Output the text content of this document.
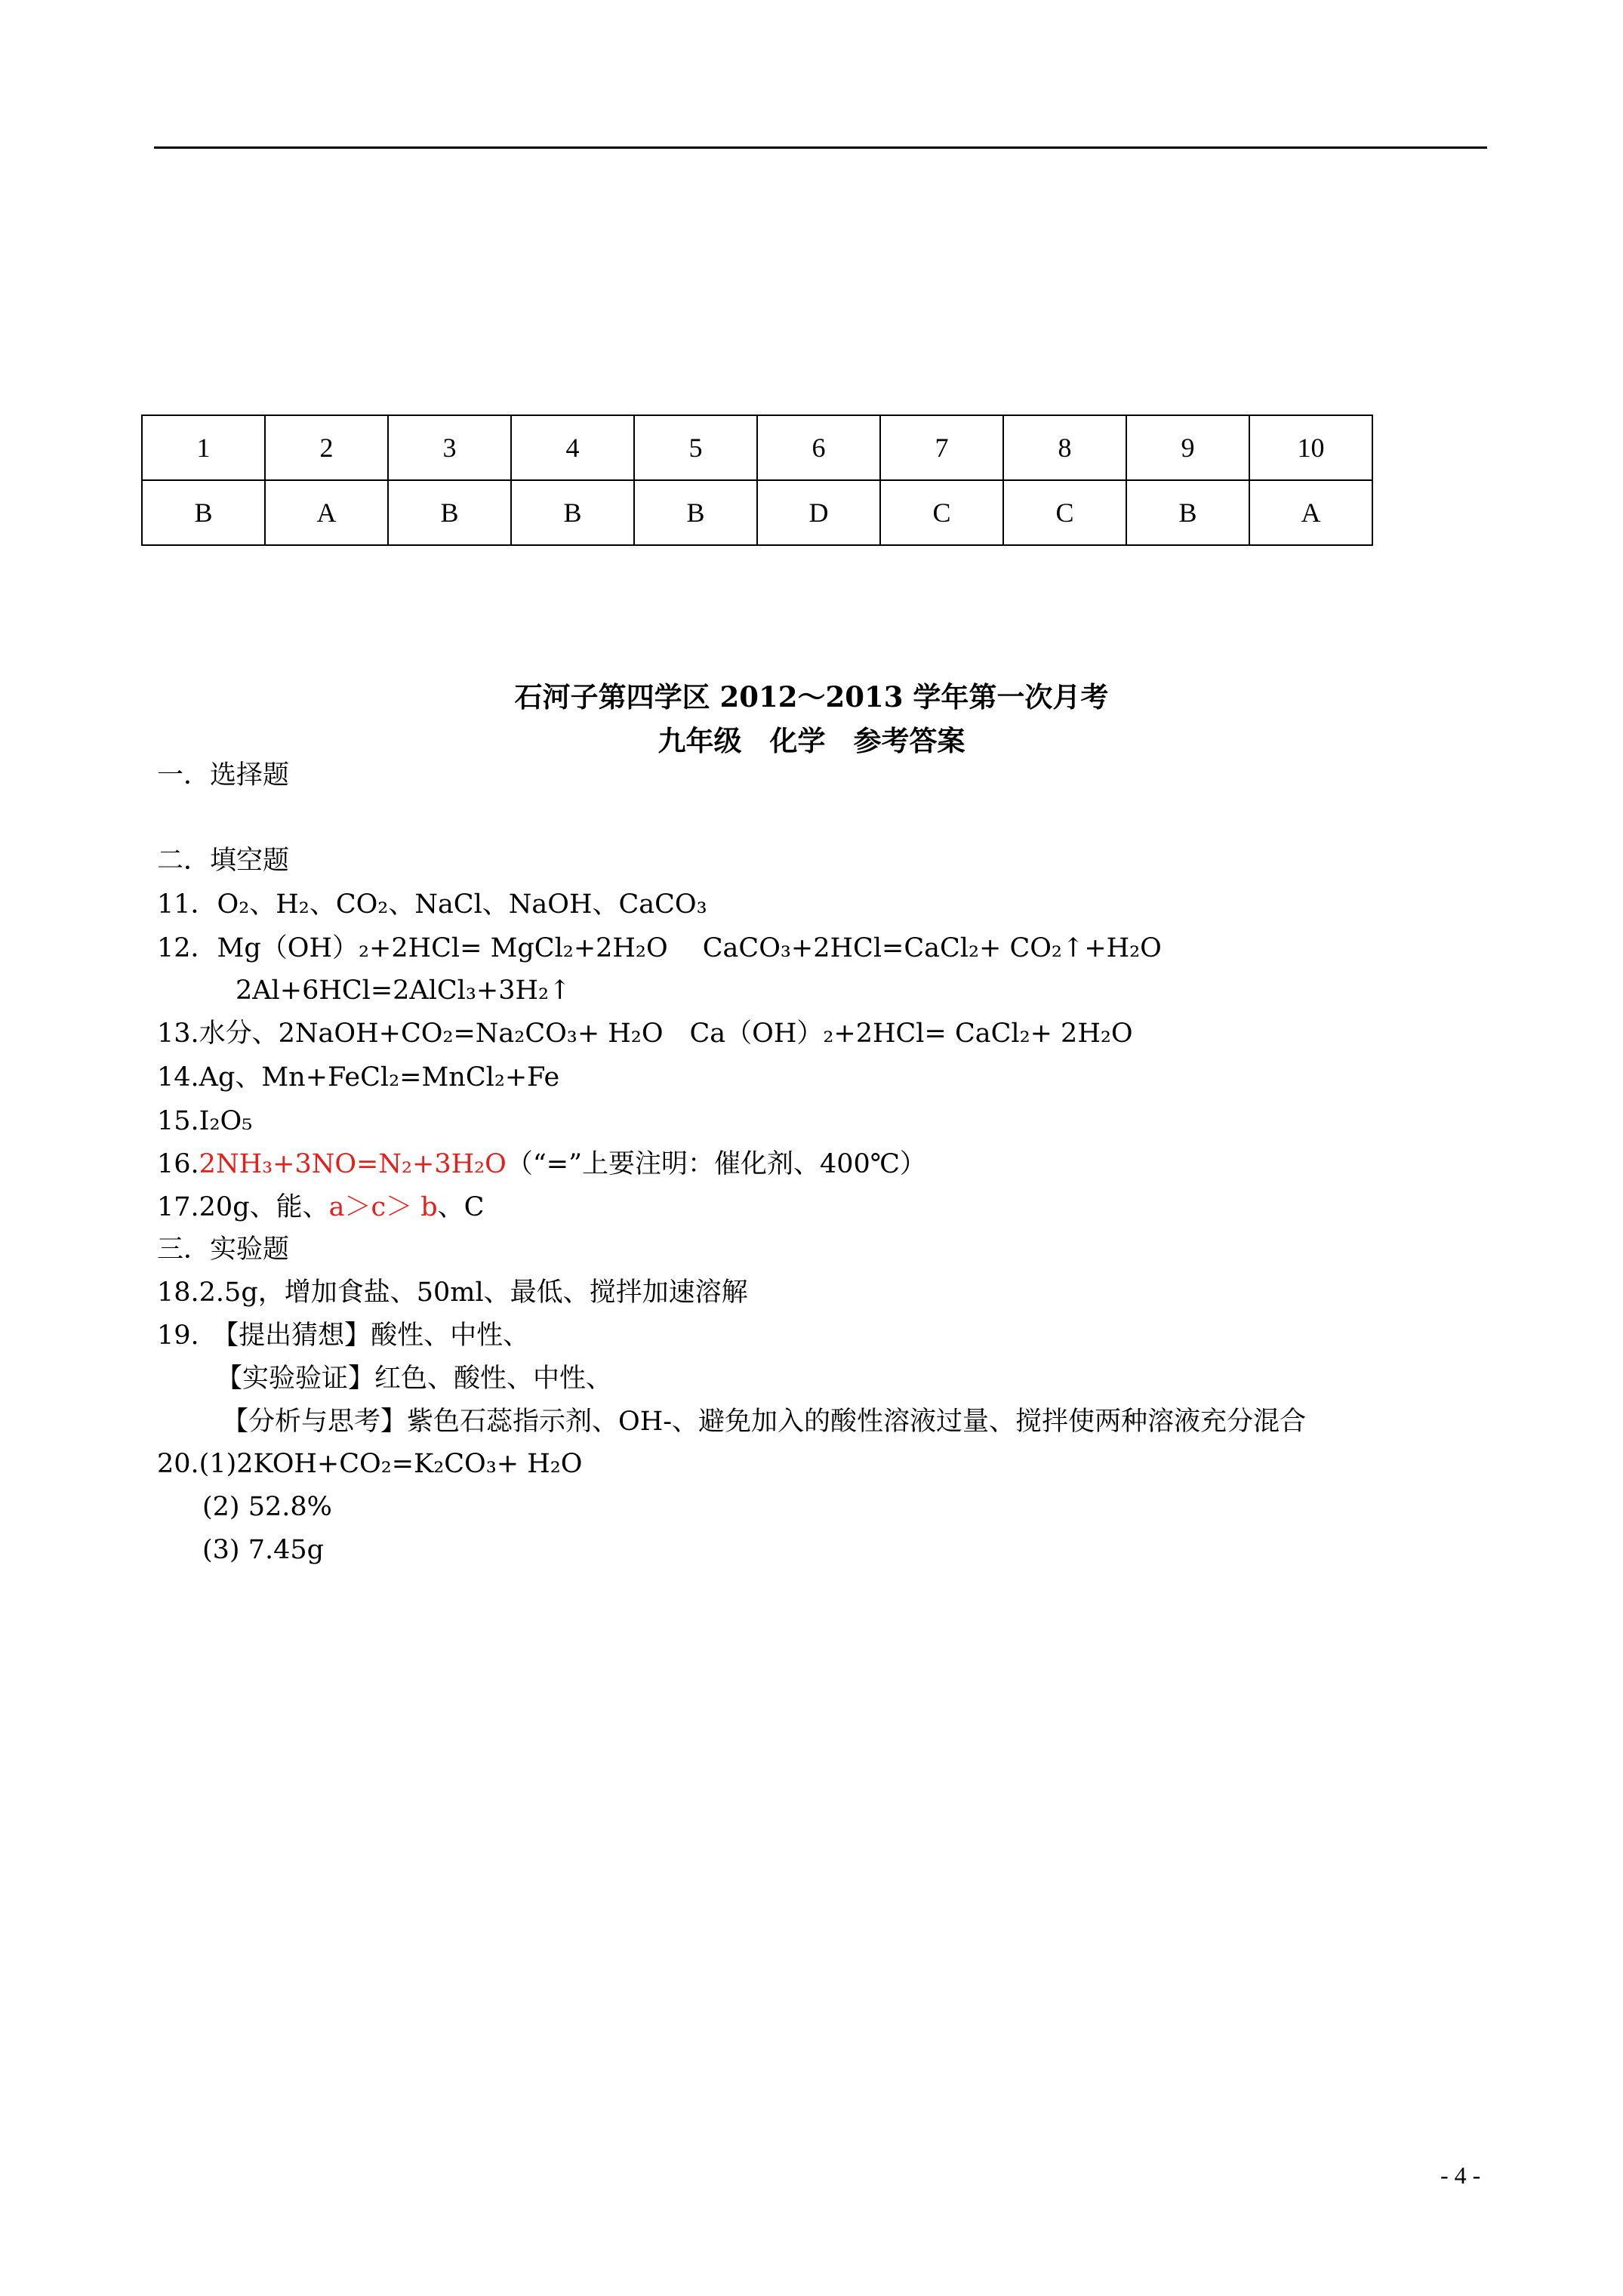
1	2	3	4	5	6	7	8	9	10
B	A	B	B	B	D	C	C	B	A
石河子第四学区 2012～2013 学年第一次月考
九年级　化学　参考答案
一．选择题
二．填空题
11．O₂、H₂、CO₂、NaCl、NaOH、CaCO₃
12．Mg（OH）₂+2HCl= MgCl₂+2H₂O　 CaCO₃+2HCl=CaCl₂+ CO₂↑+H₂O
2Al+6HCl=2AlCl₃+3H₂↑
13.水分、2NaOH+CO₂=Na₂CO₃+ H₂O　Ca（OH）₂+2HCl= CaCl₂+ 2H₂O
14.Ag、Mn+FeCl₂=MnCl₂+Fe
15.I₂O₅
16.2NH₃+3NO=N₂+3H₂O（“=”上要注明：催化剂、400℃）
17.20g、能、a＞c＞ b、C
三．实验题
18.2.5g，增加食盐、50ml、最低、搅拌加速溶解
19.　【提出猜想】酸性、中性、
【实验验证】红色、酸性、中性、
【分析与思考】紫色石蕊指示剂、OH-、避免加入的酸性溶液过量、搅拌使两种溶液充分混合
20.(1)2KOH+CO₂=K₂CO₃+ H₂O
(2) 52.8%
(3) 7.45g
- 4 -
